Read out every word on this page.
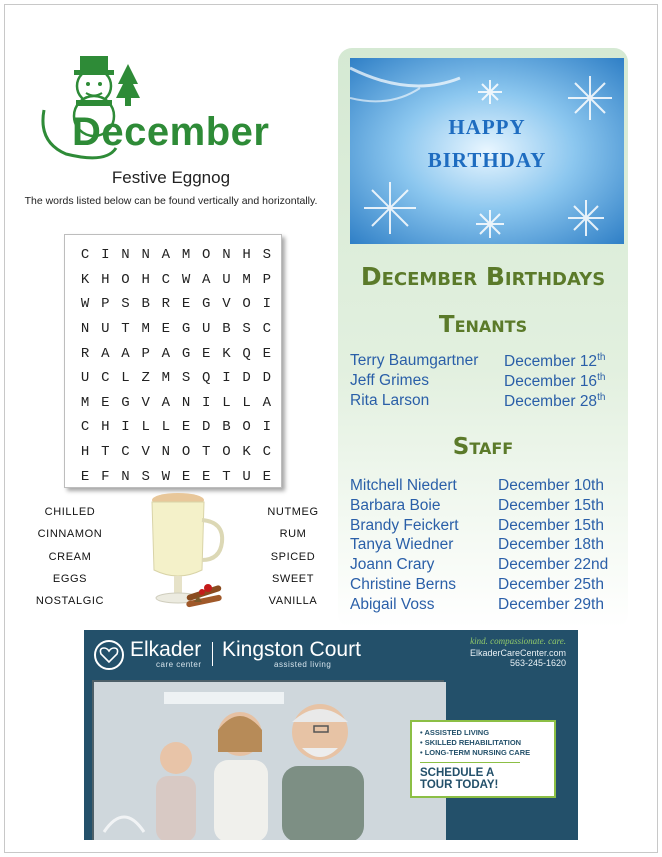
December
Festive Eggnog
The words listed below can be found vertically and horizontally.
C I N N A M O N H S
K H O H C W A U M P
W P S B R E G V O I
N U T M E G U B S C
R A A P A G E K Q E
U C L Z M S Q I D D
M E G V A N I L L A
C H I L L E D B O I
H T C V N O T O K C
E F N S W E E T U E
CHILLED
CINNAMON
CREAM
EGGS
NOSTALGIC
NUTMEG
RUM
SPICED
SWEET
VANILLA
HAPPY
BIRTHDAY
December Birthdays
Tenants
Terry Baumgartner December 12th
Jeff Grimes	December 16th
Rita Larson	December 28th
Staff
Mitchell Niedert	December 10th
Barbara Boie	December 15th
Brandy Feickert	December 15th
Tanya Wiedner	December 18th
Joann Crary	December 22nd
Christine Berns	December 25th
Abigail Voss	December 29th
Elkader
care center
Kingston Court
assisted living
kind. compassionate. care.
ElkaderCareCenter.com
563-245-1620
• ASSISTED LIVING
• SKILLED REHABILITATION
• LONG-TERM NURSING CARE
SCHEDULE A
TOUR TODAY!
